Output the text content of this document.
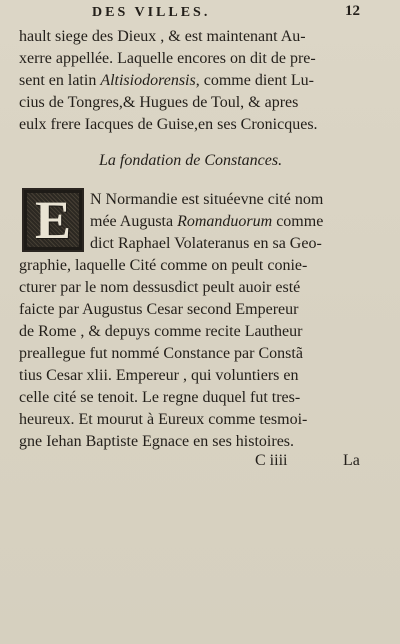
DES VILLES.	12
hault siege des Dieux , & est maintenant Au-
xerre appellée. Laquelle encores on dit de pre-
sent en latin Altisiodorensis, comme dient Lu-
cius de Tongres,& Hugues de Toul, & apres
eulx frere Iacques de Guise,en ses Cronicques.
La fondation de Constances.
E	N Normandie est situéevne cité nom
mée Augusta Romanduorum comme
dict Raphael Volateranus en sa Geo-
graphie, laquelle Cité comme on peult conie-
cturer par le nom dessusdict peult auoir esté
faicte par Augustus Cesar second Empereur
de Rome , & depuys comme recite Lautheur
preallegue fut nommé Constance par Constã
tius Cesar xlii. Empereur , qui voluntiers en
celle cité se tenoit. Le regne duquel fut tres-
heureux. Et mourut à Eureux comme tesmoi-
gne Iehan Baptiste Egnace en ses histoires.
C iiii	La
